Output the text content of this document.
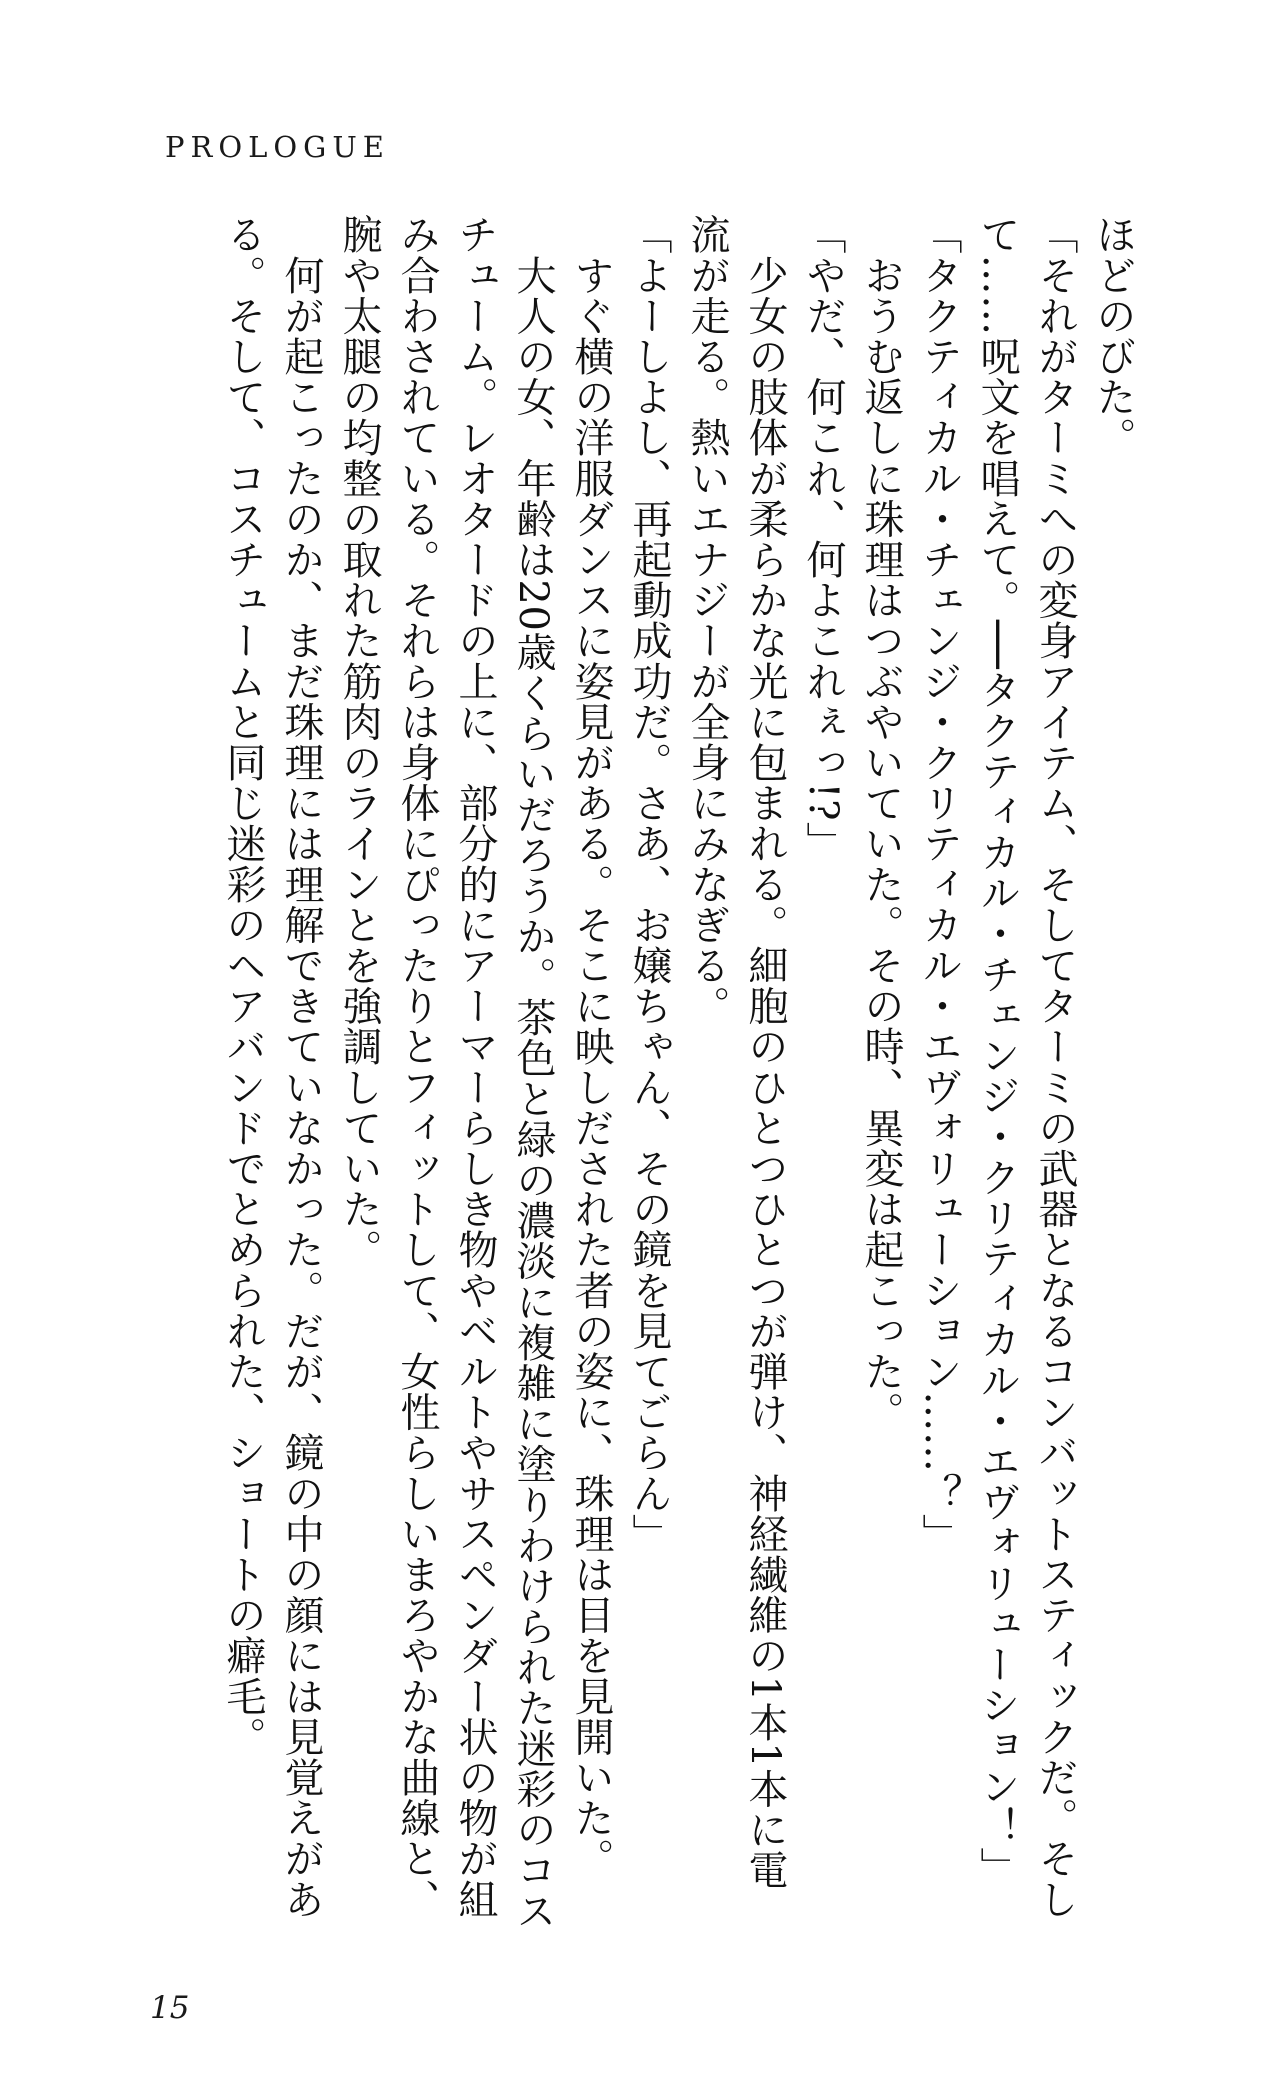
PROLOGUE
ほどのびた。
「それがターミへの変身アイテム、そしてターミの武器となるコンバットスティックだ。そし
て……呪文を唱えて。──タクティカル・チェンジ・クリティカル・エヴォリューション！」
「タクティカル・チェンジ・クリティカル・エヴォリューション……？」
　おうむ返しに珠理はつぶやいていた。その時、異変は起こった。
「やだ、何これ、何よこれぇっ!?」
　少女の肢体が柔らかな光に包まれる。細胞のひとつひとつが弾け、神経繊維の1本1本に電
流が走る。熱いエナジーが全身にみなぎる。
「よーしよし、再起動成功だ。さあ、お嬢ちゃん、その鏡を見てごらん」
　すぐ横の洋服ダンスに姿見がある。そこに映しだされた者の姿に、珠理は目を見開いた。
　大人の女、年齢は20歳くらいだろうか。茶色と緑の濃淡に複雑に塗りわけられた迷彩のコス
チューム。レオタードの上に、部分的にアーマーらしき物やベルトやサスペンダー状の物が組
み合わされている。それらは身体にぴったりとフィットして、女性らしいまろやかな曲線と、
腕や太腿の均整の取れた筋肉のラインとを強調していた。
　何が起こったのか、まだ珠理には理解できていなかった。だが、鏡の中の顔には見覚えがあ
る。そして、コスチュームと同じ迷彩のヘアバンドでとめられた、ショートの癖毛。
15
